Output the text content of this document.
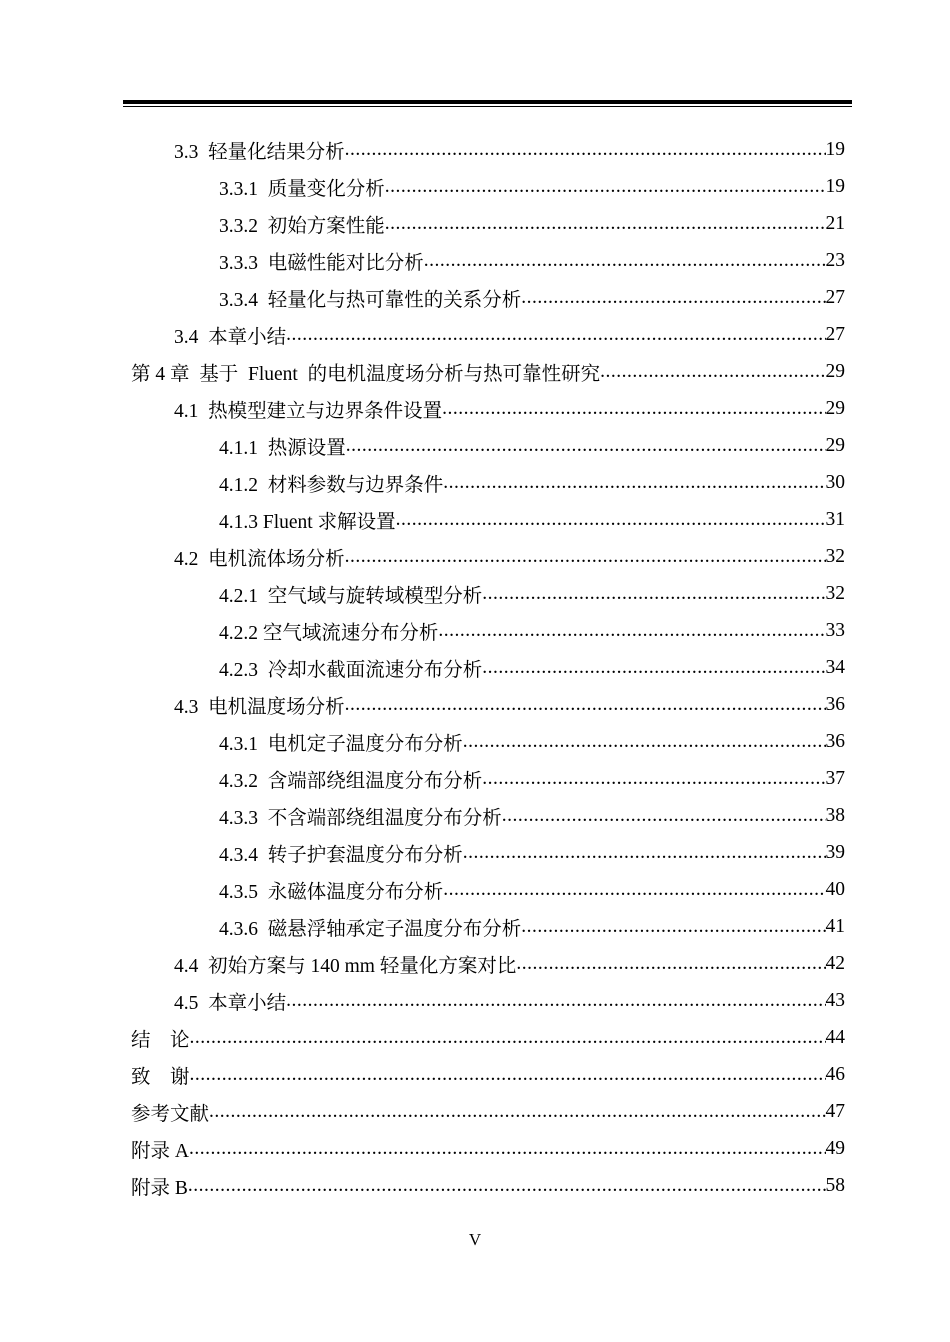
3.3  轻量化结果分析 .....	19
3.3.1  质量变化分析 .....	19
3.3.2  初始方案性能 .....	21
3.3.3  电磁性能对比分析 .....	23
3.3.4  轻量化与热可靠性的关系分析 .....	27
3.4  本章小结 .....	27
第 4 章  基于  Fluent  的电机温度场分析与热可靠性研究 .....	29
4.1  热模型建立与边界条件设置 .....	29
4.1.1  热源设置 .....	29
4.1.2  材料参数与边界条件 .....	30
4.1.3 Fluent 求解设置 .....	31
4.2  电机流体场分析 .....	32
4.2.1  空气域与旋转域模型分析 .....	32
4.2.2 空气域流速分布分析 .....	33
4.2.3  冷却水截面流速分布分析 .....	34
4.3  电机温度场分析 .....	36
4.3.1  电机定子温度分布分析 .....	36
4.3.2  含端部绕组温度分布分析 .....	37
4.3.3  不含端部绕组温度分布分析 .....	38
4.3.4  转子护套温度分布分析 .....	39
4.3.5  永磁体温度分布分析 .....	40
4.3.6  磁悬浮轴承定子温度分布分析 .....	41
4.4  初始方案与 140 mm 轻量化方案对比 .....	42
4.5  本章小结 .....	43
结    论 .....	44
致    谢 .....	46
参考文献 .....	47
附录 A .....	49
附录 B .....	58
V
